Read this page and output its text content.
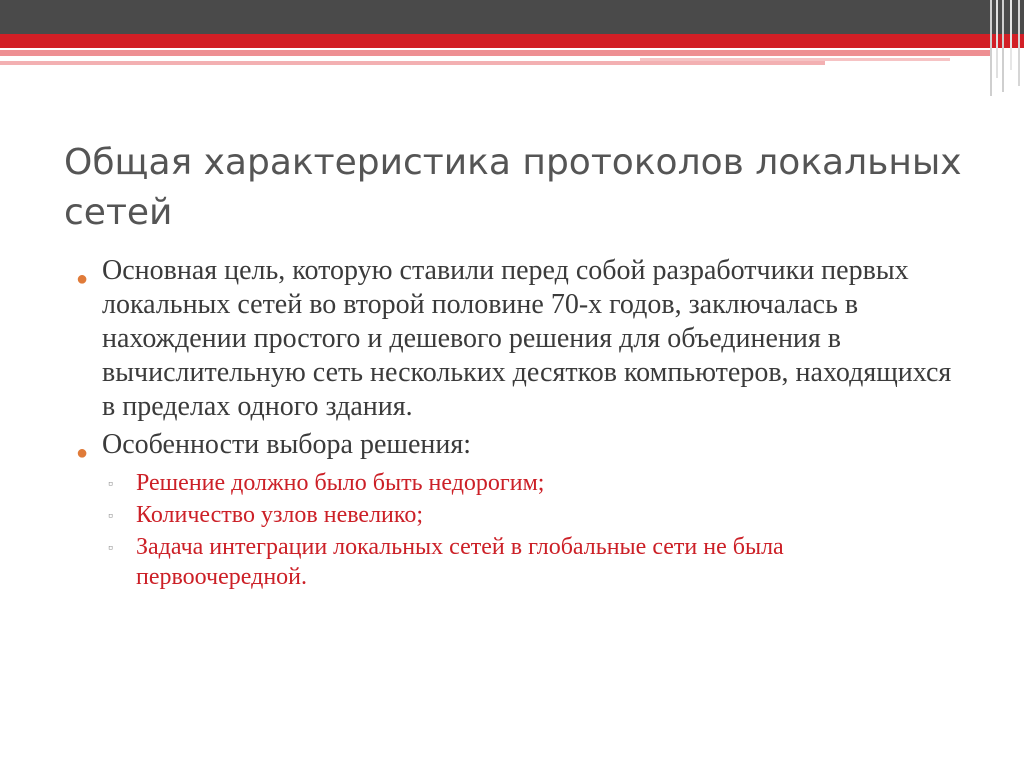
Общая характеристика протоколов локальных сетей
● Основная цель, которую ставили перед собой разработчики первых локальных сетей во второй половине 70-х годов, заключалась в нахождении простого и дешевого решения для объединения в вычислительную сеть нескольких десятков компьютеров, находящихся в пределах одного здания.
● Особенности выбора решения:
▫ Решение должно было быть недорогим;
▫ Количество узлов невелико;
▫ Задача интеграции локальных сетей в глобальные сети не была первоочередной.
